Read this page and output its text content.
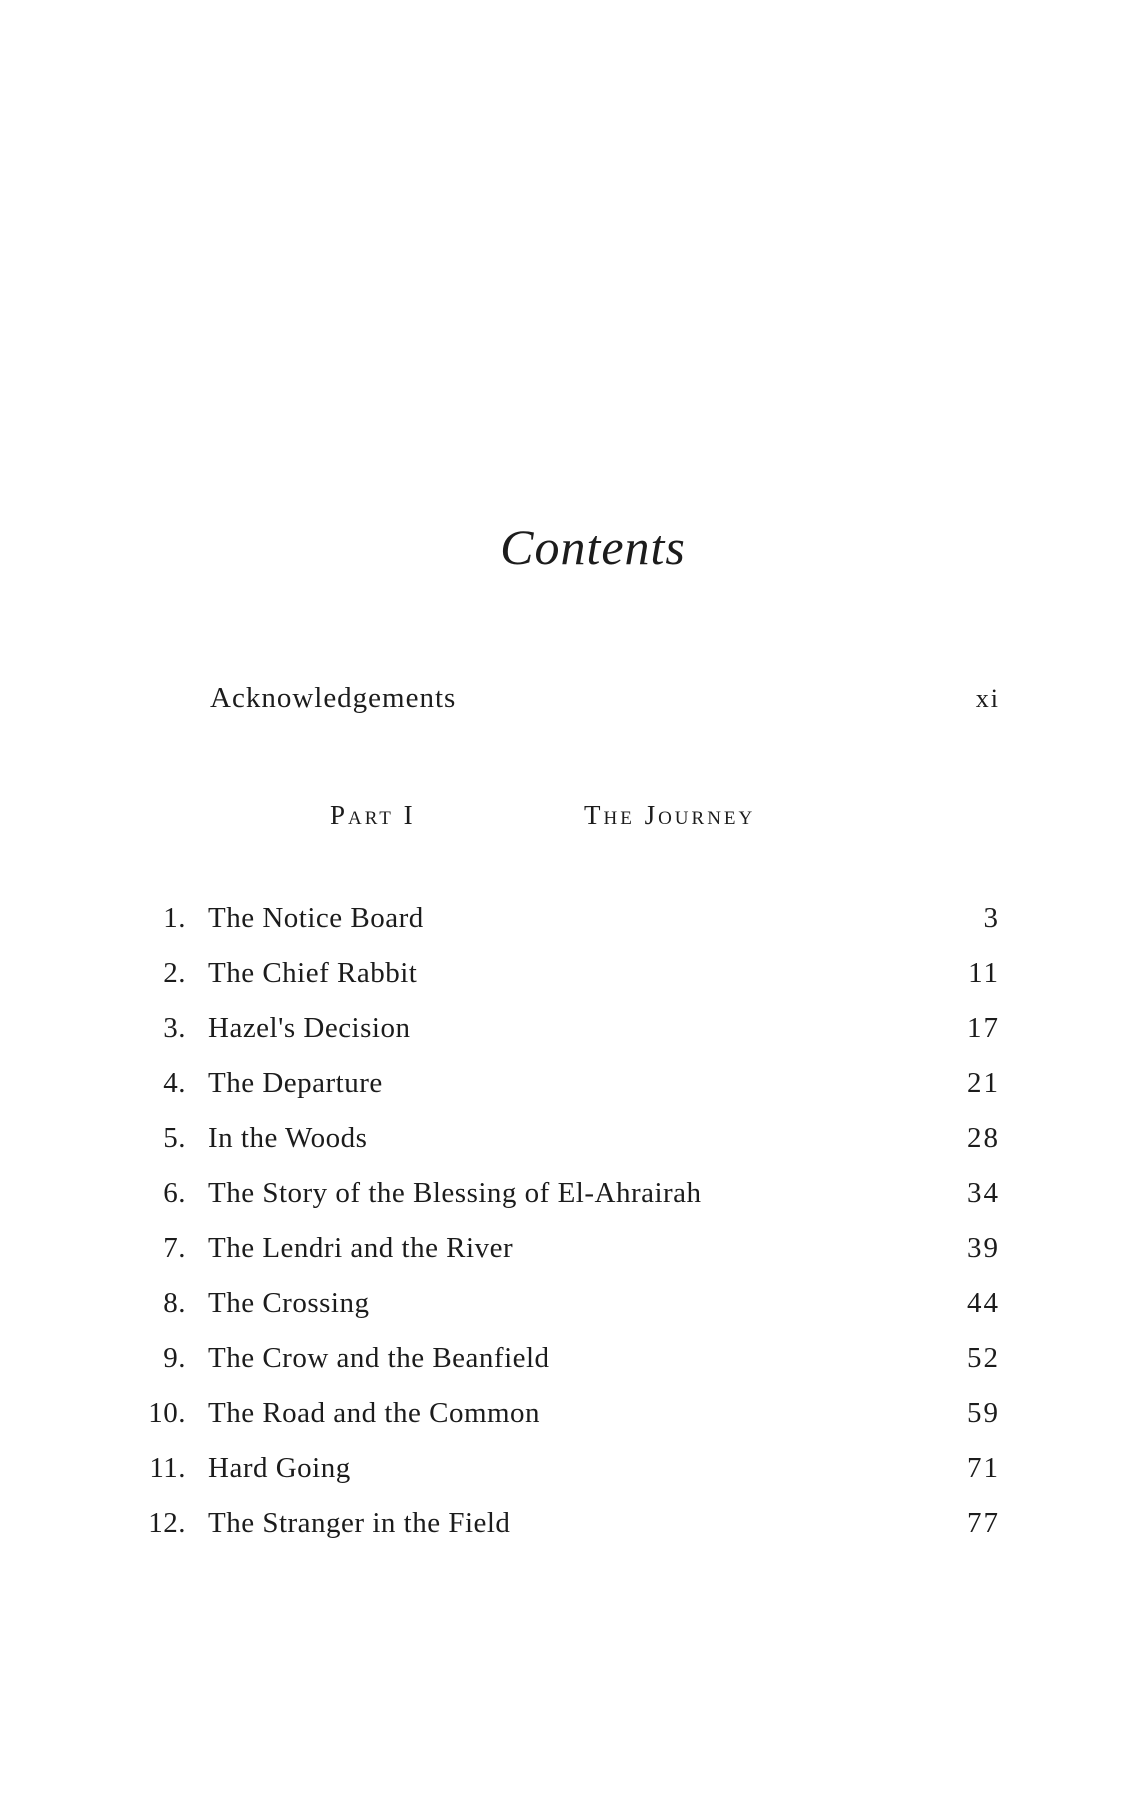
Contents
Acknowledgements	xi
Part I	The Journey
1. The Notice Board	3
2. The Chief Rabbit	11
3. Hazel's Decision	17
4. The Departure	21
5. In the Woods	28
6. The Story of the Blessing of El-Ahrairah	34
7. The Lendri and the River	39
8. The Crossing	44
9. The Crow and the Beanfield	52
10. The Road and the Common	59
11. Hard Going	71
12. The Stranger in the Field	77
